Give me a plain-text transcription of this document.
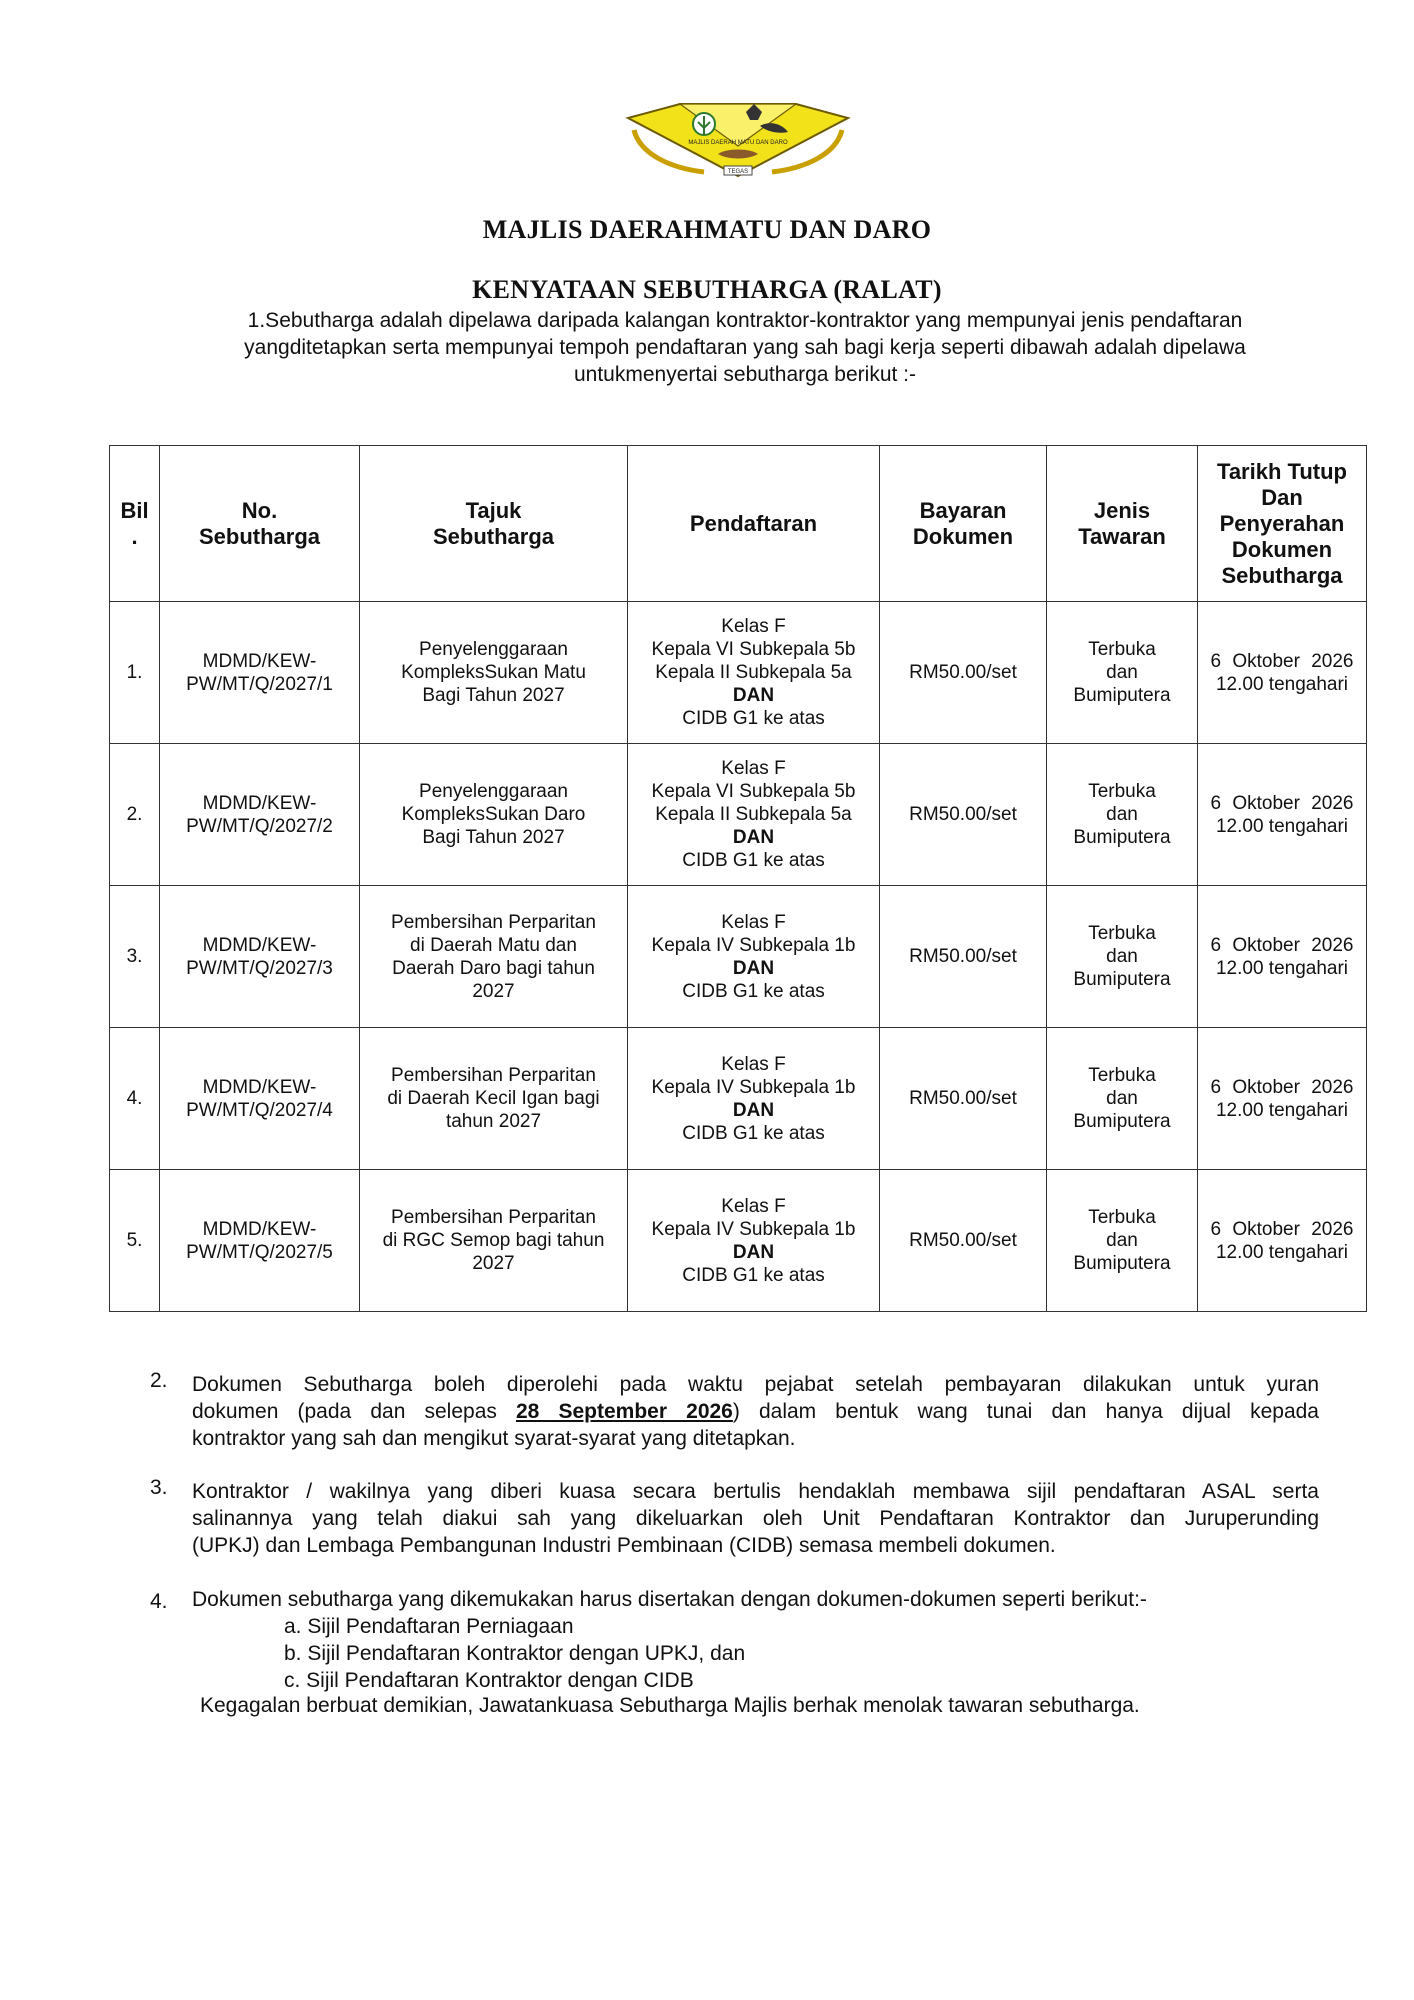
MAJLIS DAERAH MATU DAN DARO
TEGAS
MAJLIS DAERAHMATU DAN DARO
KENYATAAN SEBUTHARGA (RALAT)
1.Sebutharga adalah dipelawa daripada kalangan kontraktor-kontraktor yang mempunyai jenis pendaftaran
yangditetapkan serta mempunyai tempoh pendaftaran yang sah bagi kerja seperti dibawah adalah dipelawa
untukmenyertai sebutharga berikut :-
Bil
.	No.
Sebutharga	Tajuk
Sebutharga	Pendaftaran	Bayaran
Dokumen	Jenis
Tawaran	Tarikh Tutup
Dan
Penyerahan
Dokumen
Sebutharga

1.	MDMD/KEW-
PW/MT/Q/2027/1	Penyelenggaraan
KompleksSukan Matu
Bagi Tahun 2027	Kelas F
Kepala VI Subkepala 5b
Kepala II Subkepala 5a
DAN
CIDB G1 ke atas	RM50.00/set	Terbuka
dan
Bumiputera	6 Oktober 2026
12.00 tengahari

2.	MDMD/KEW-
PW/MT/Q/2027/2	Penyelenggaraan
KompleksSukan Daro
Bagi Tahun 2027	Kelas F
Kepala VI Subkepala 5b
Kepala II Subkepala 5a
DAN
CIDB G1 ke atas	RM50.00/set	Terbuka
dan
Bumiputera	6 Oktober 2026
12.00 tengahari

3.	MDMD/KEW-
PW/MT/Q/2027/3	Pembersihan Perparitan
di Daerah Matu dan
Daerah Daro bagi tahun
2027	Kelas F
Kepala IV Subkepala 1b
DAN
CIDB G1 ke atas	RM50.00/set	Terbuka
dan
Bumiputera	6 Oktober 2026
12.00 tengahari

4.	MDMD/KEW-
PW/MT/Q/2027/4	Pembersihan Perparitan
di Daerah Kecil Igan bagi
tahun 2027	Kelas F
Kepala IV Subkepala 1b
DAN
CIDB G1 ke atas	RM50.00/set	Terbuka
dan
Bumiputera	6 Oktober 2026
12.00 tengahari

5.	MDMD/KEW-
PW/MT/Q/2027/5	Pembersihan Perparitan
di RGC Semop bagi tahun
2027	Kelas F
Kepala IV Subkepala 1b
DAN
CIDB G1 ke atas	RM50.00/set	Terbuka
dan
Bumiputera	6 Oktober 2026
12.00 tengahari
2. Dokumen Sebutharga boleh diperolehi pada waktu pejabat setelah pembayaran dilakukan untuk yuran
dokumen (pada dan selepas 28 September 2026) dalam bentuk wang tunai dan hanya dijual kepada
kontraktor yang sah dan mengikut syarat-syarat yang ditetapkan.
3. Kontraktor / wakilnya yang diberi kuasa secara bertulis hendaklah membawa sijil pendaftaran ASAL serta
salinannya yang telah diakui sah yang dikeluarkan oleh Unit Pendaftaran Kontraktor dan Juruperunding
(UPKJ) dan Lembaga Pembangunan Industri Pembinaan (CIDB) semasa membeli dokumen.
4. Dokumen sebutharga yang dikemukakan harus disertakan dengan dokumen-dokumen seperti berikut:-
a. Sijil Pendaftaran Perniagaan
b. Sijil Pendaftaran Kontraktor dengan UPKJ, dan
c. Sijil Pendaftaran Kontraktor dengan CIDB
Kegagalan berbuat demikian, Jawatankuasa Sebutharga Majlis berhak menolak tawaran sebutharga.
